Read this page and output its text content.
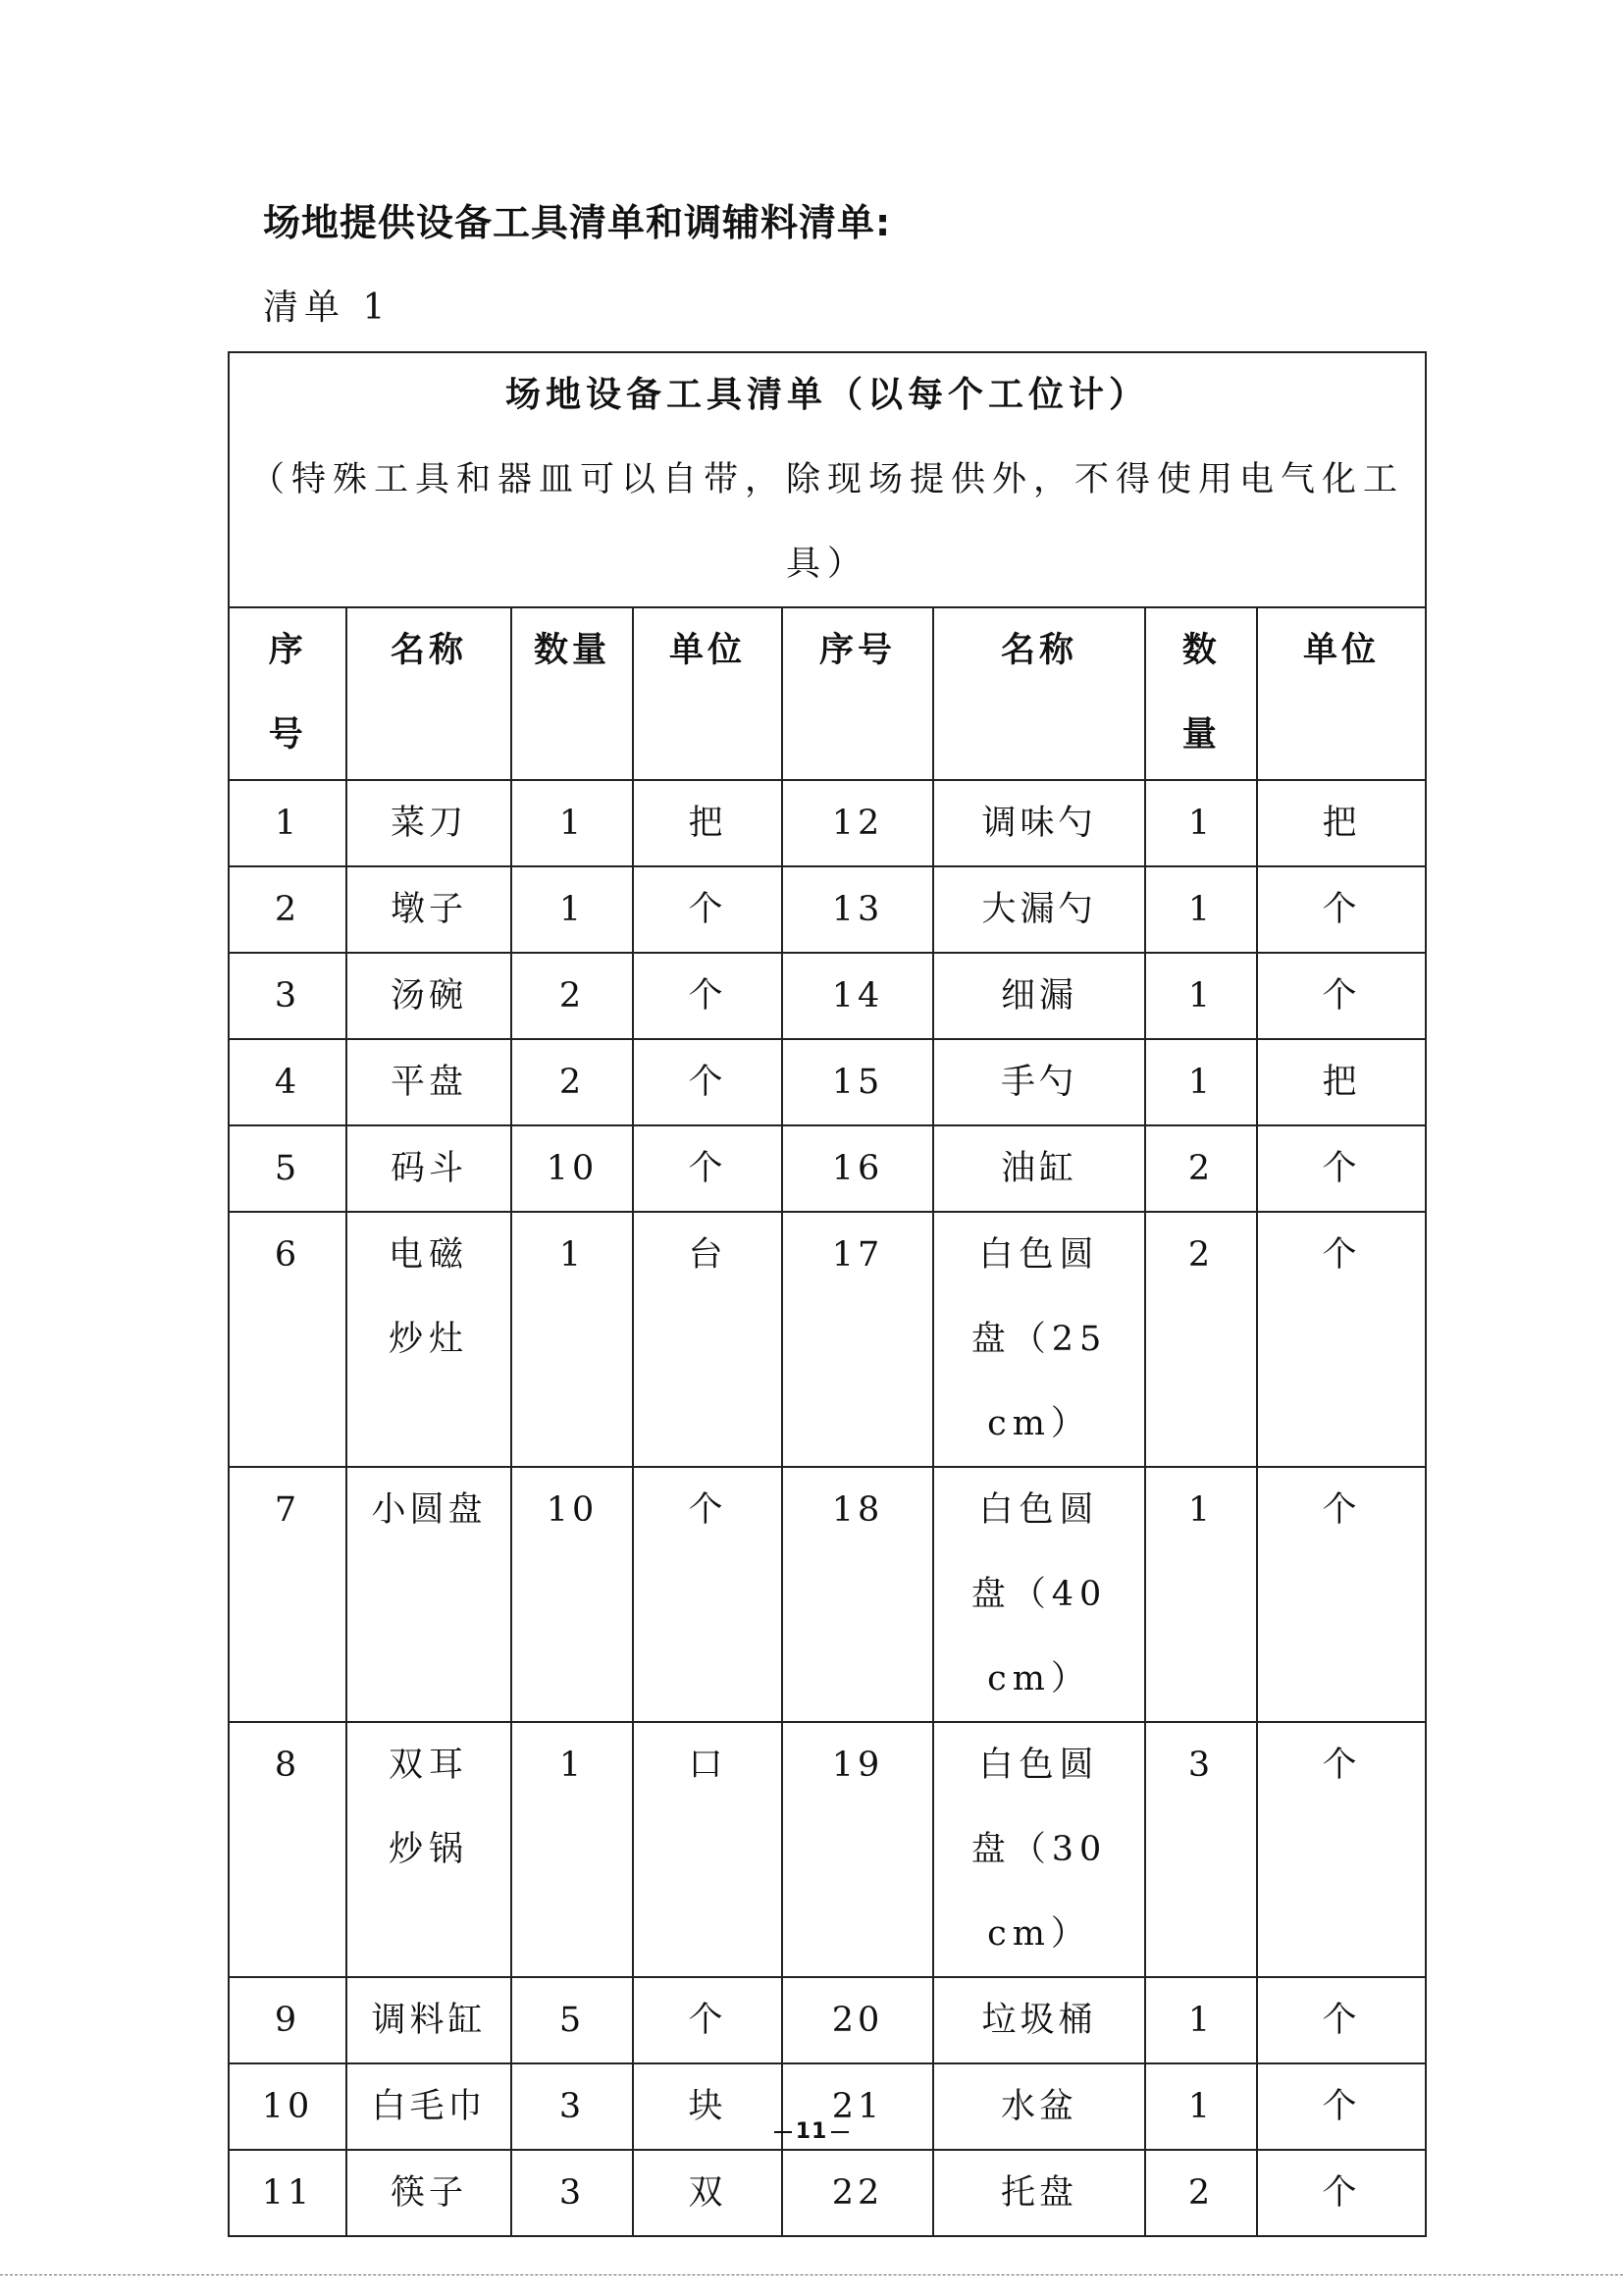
场地提供设备工具清单和调辅料清单:
清单 1
场地设备工具清单（以每个工位计）
（特殊工具和器皿可以自带，除现场提供外，不得使用电气化工具）							

序号	名称	数量	单位	序号	名称	数量	单位

1	菜刀	1	把	12	调味勺	1	把

2	墩子	1	个	13	大漏勺	1	个

3	汤碗	2	个	14	细漏	1	个

4	平盘	2	个	15	手勺	1	把

5	码斗	10	个	16	油缸	2	个

6	电磁炒灶	1	台	17	白色圆盘（25cm）	2	个

7	小圆盘	10	个	18	白色圆盘（40cm）	1	个

8	双耳炒锅	1	口	19	白色圆盘（30cm）	3	个

9	调料缸	5	个	20	垃圾桶	1	个

10	白毛巾	3	块	21	水盆	1	个

11	筷子	3	双	22	托盘	2	个
11
